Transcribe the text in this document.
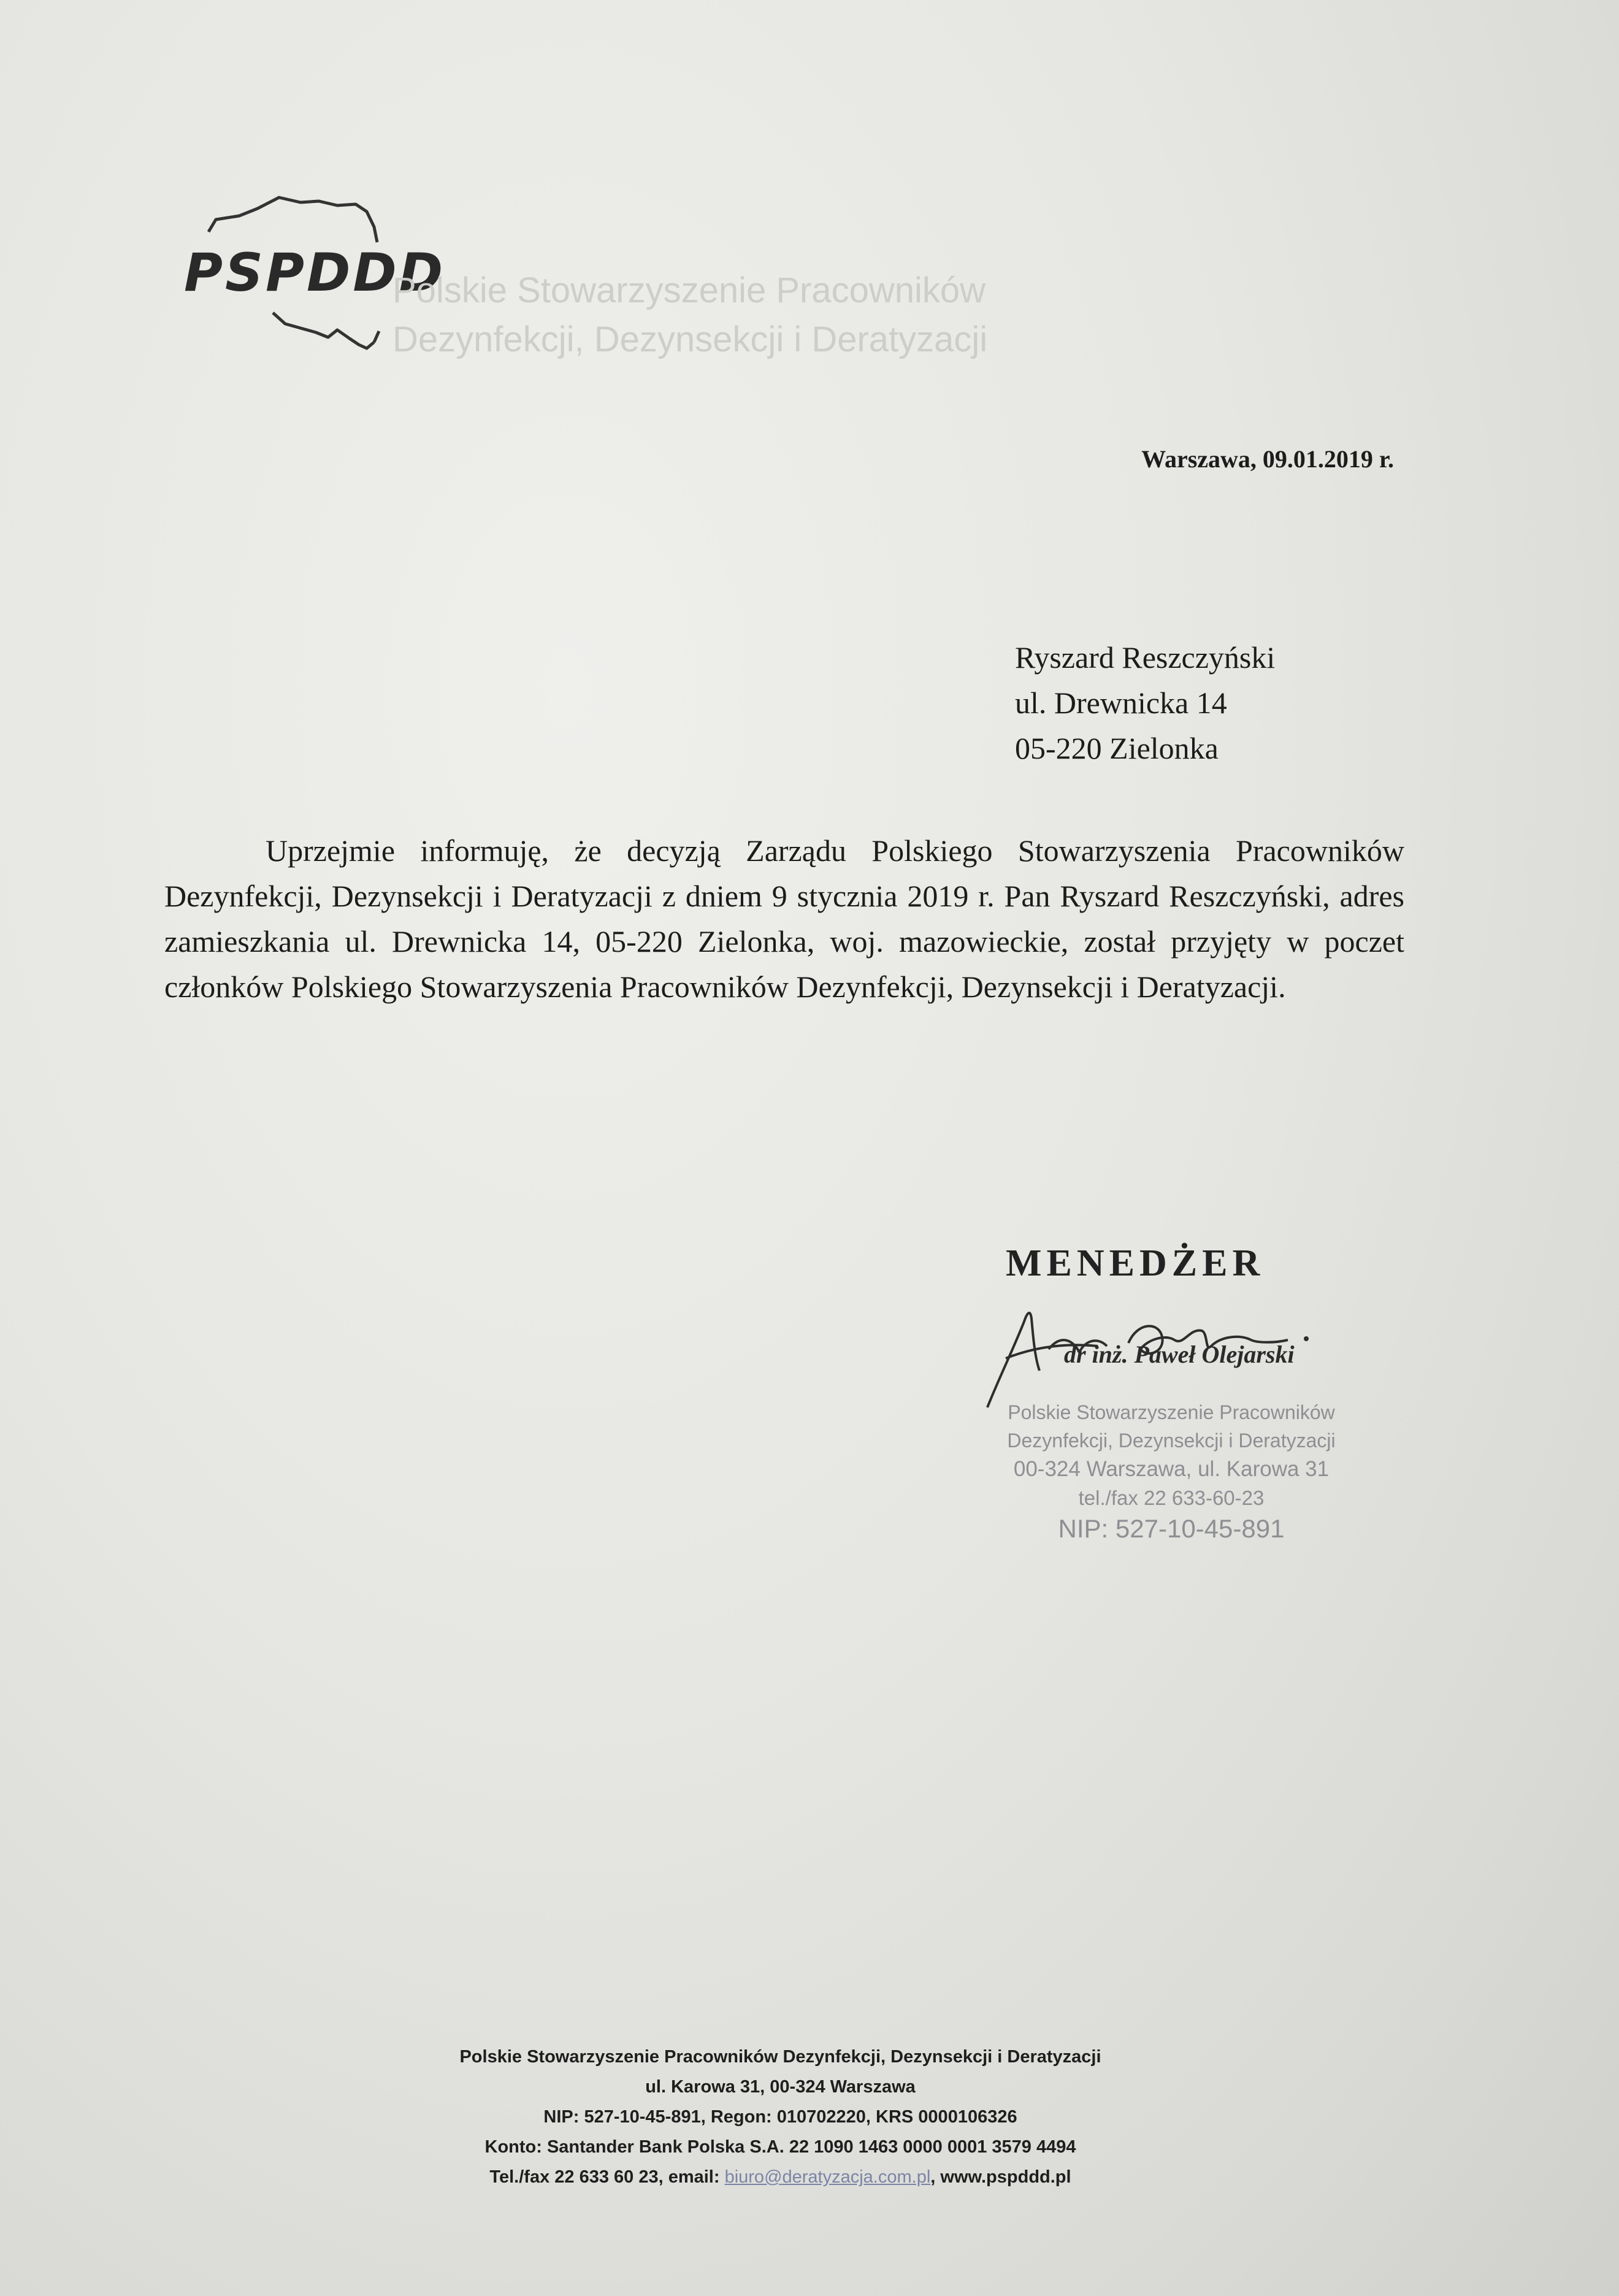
PSPDDD
Polskie Stowarzyszenie Pracowników
Dezynfekcji, Dezynsekcji i Deratyzacji
Warszawa, 09.01.2019 r.
Ryszard Reszczyński
ul. Drewnicka 14
05-220 Zielonka
Uprzejmie informuję, że decyzją Zarządu Polskiego Stowarzyszenia Pracowników Dezynfekcji, Dezynsekcji i Deratyzacji z dniem 9 stycznia 2019 r. Pan Ryszard Reszczyński, adres zamieszkania ul. Drewnicka 14, 05-220 Zielonka, woj. mazowieckie, został przyjęty w poczet członków Polskiego Stowarzyszenia Pracowników Dezynfekcji, Dezynsekcji i Deratyzacji.
MENEDŻER
dr inż. Paweł Olejarski
Polskie Stowarzyszenie Pracowników
Dezynfekcji, Dezynsekcji i Deratyzacji
00-324 Warszawa, ul. Karowa 31
tel./fax 22 633-60-23
NIP: 527-10-45-891
Polskie Stowarzyszenie Pracowników Dezynfekcji, Dezynsekcji i Deratyzacji
ul. Karowa 31, 00-324 Warszawa
NIP: 527-10-45-891, Regon: 010702220, KRS 0000106326
Konto: Santander Bank Polska S.A. 22 1090 1463 0000 0001 3579 4494
Tel./fax 22 633 60 23, email: biuro@deratyzacja.com.pl, www.pspddd.pl
